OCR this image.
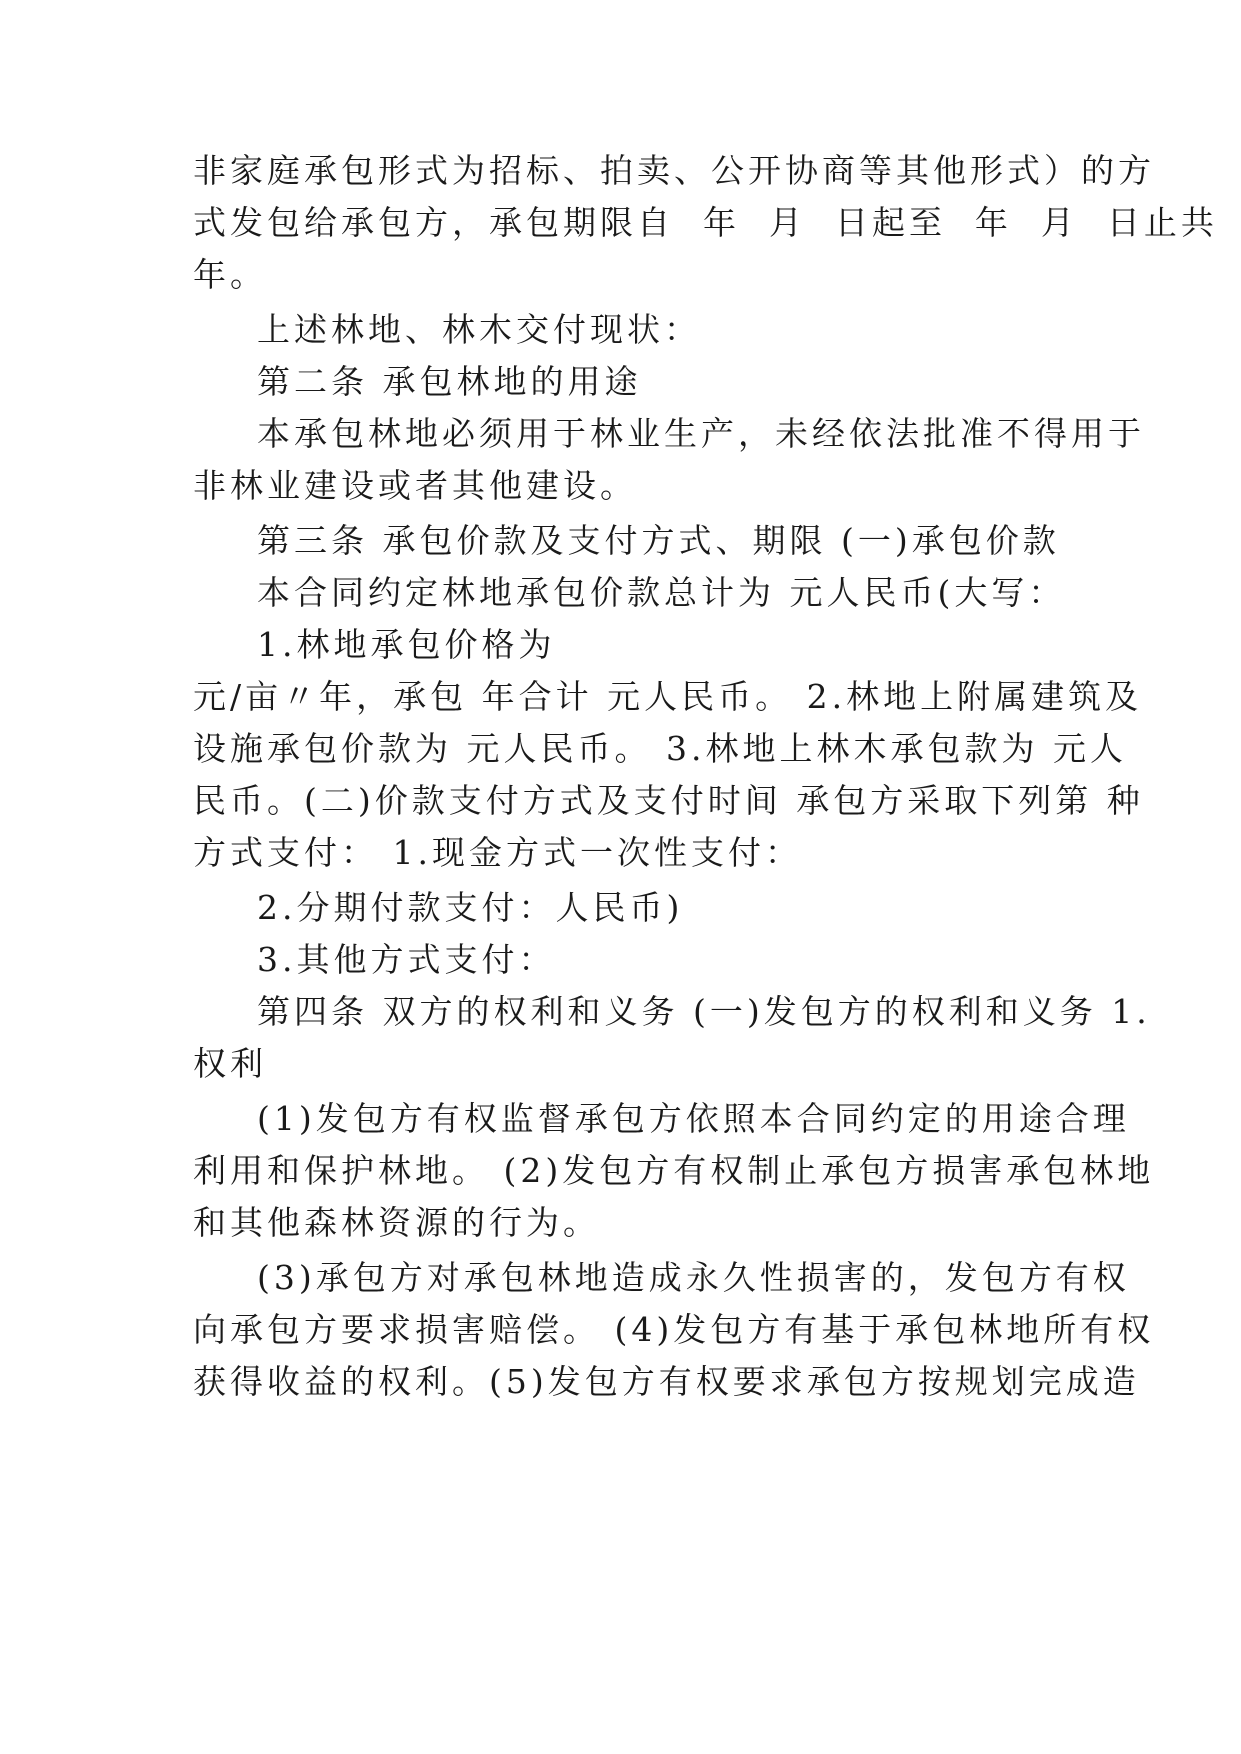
非家庭承包形式为招标、拍卖、公开协商等其他形式）的方
式发包给承包方，承包期限自  年  月  日起至  年  月  日止共
年。
上述林地、林木交付现状：
第二条 承包林地的用途
本承包林地必须用于林业生产，未经依法批准不得用于
非林业建设或者其他建设。
第三条 承包价款及支付方式、期限 (一)承包价款
本合同约定林地承包价款总计为 元人民币(大写：
1.林地承包价格为
元/亩〃年，承包 年合计 元人民币。 2.林地上附属建筑及
设施承包价款为 元人民币。 3.林地上林木承包款为 元人
民币。(二)价款支付方式及支付时间 承包方采取下列第 种
方式支付： 1.现金方式一次性支付：
2.分期付款支付：人民币)
3.其他方式支付：
第四条 双方的权利和义务 (一)发包方的权利和义务 1.
权利
(1)发包方有权监督承包方依照本合同约定的用途合理
利用和保护林地。 (2)发包方有权制止承包方损害承包林地
和其他森林资源的行为。
(3)承包方对承包林地造成永久性损害的，发包方有权
向承包方要求损害赔偿。 (4)发包方有基于承包林地所有权
获得收益的权利。(5)发包方有权要求承包方按规划完成造
